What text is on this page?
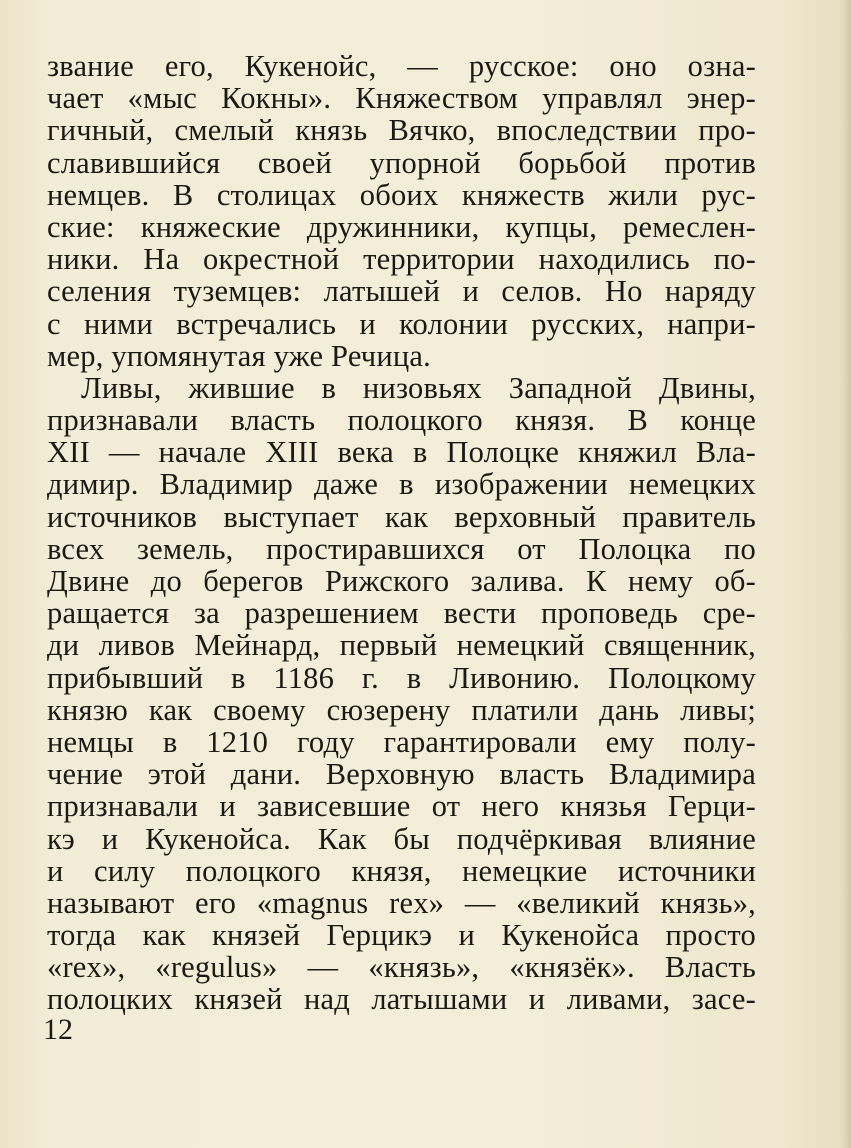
звание его, Кукенойс, — русское: оно озна-
чает «мыс Кокны». Княжеством управлял энер-
гичный, смелый князь Вячко, впоследствии про-
славившийся своей упорной борьбой против
немцев. В столицах обоих княжеств жили рус-
ские: княжеские дружинники, купцы, ремеслен-
ники. На окрестной территории находились по-
селения туземцев: латышей и селов. Но наряду
с ними встречались и колонии русских, напри-
мер, упомянутая уже Речица.
Ливы, жившие в низовьях Западной Двины,
признавали власть полоцкого князя. В конце
XII — начале XIII века в Полоцке княжил Вла-
димир. Владимир даже в изображении немецких
источников выступает как верховный правитель
всех земель, простиравшихся от Полоцка по
Двине до берегов Рижского залива. К нему об-
ращается за разрешением вести проповедь сре-
ди ливов Мейнард, первый немецкий священник,
прибывший в 1186 г. в Ливонию. Полоцкому
князю как своему сюзерену платили дань ливы;
немцы в 1210 году гарантировали ему полу-
чение этой дани. Верховную власть Владимира
признавали и зависевшие от него князья Герци-
кэ и Кукенойса. Как бы подчёркивая влияние
и силу полоцкого князя, немецкие источники
называют его «magnus rex» — «великий князь»,
тогда как князей Герцикэ и Кукенойса просто
«rex», «regulus» — «князь», «князёк». Власть
полоцких князей над латышами и ливами, засе-
12
